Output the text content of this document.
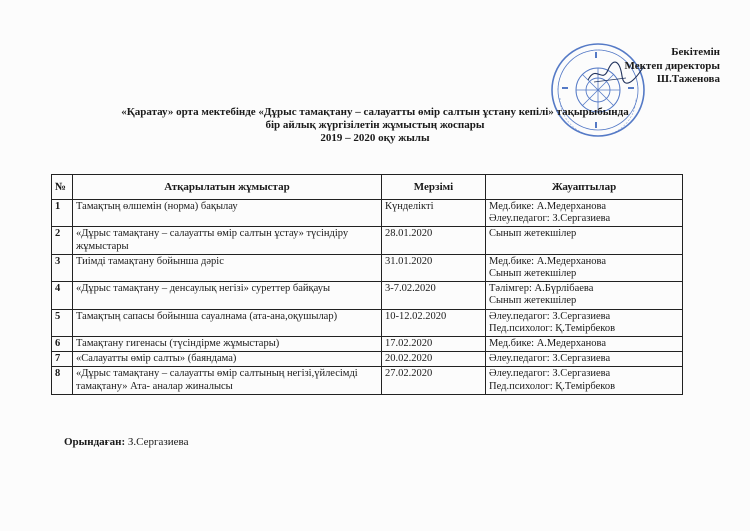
Бекітемін
Мектеп директоры
Ш.Таженова
«Қаратау» орта мектебінде «Дұрыс тамақтану – салауатты өмір салтын ұстану кепілі» тақырыбында
бір айлық жүргізілетін жұмыстың жоспары
2019 – 2020 оқу жылы
№	Атқарылатын жұмыстар	Мерзімі	Жауаптылар
1	Тамақтың өлшемін (норма) бақылау	Күнделікті	Мед.бике: А.Медерханова
Әлеу.педагог: З.Сергазиева

2	«Дұрыс тамақтану – салауатты өмір салтын ұстау» түсіндіру жұмыстары	28.01.2020	Сынып жетекшілер

3	Тиімді тамақтану бойынша дәріс	31.01.2020	Мед.бике: А.Медерханова
Сынып жетекшілер

4	«Дұрыс тамақтану – денсаулық негізі» суреттер байқауы	3-7.02.2020	Тәлімгер: А.Бүрлібаева
Сынып жетекшілер

5	Тамақтың сапасы бойынша сауалнама (ата-ана,оқушылар)	10-12.02.2020	Әлеу.педагог: З.Сергазиева
Пед.психолог: Қ.Темірбеков

6	Тамақтану гигенасы (түсіндірме жұмыстары)	17.02.2020	Мед.бике: А.Медерханова

7	«Салауатты өмір салты» (баяндама)	20.02.2020	Әлеу.педагог: З.Сергазиева

8	«Дұрыс тамақтану – салауатты өмір салтының негізі,үйлесімді тамақтану» Ата- аналар жиналысы	27.02.2020	Әлеу.педагог: З.Сергазиева
Пед.психолог: Қ.Темірбеков
Орындаған: З.Сергазиева
